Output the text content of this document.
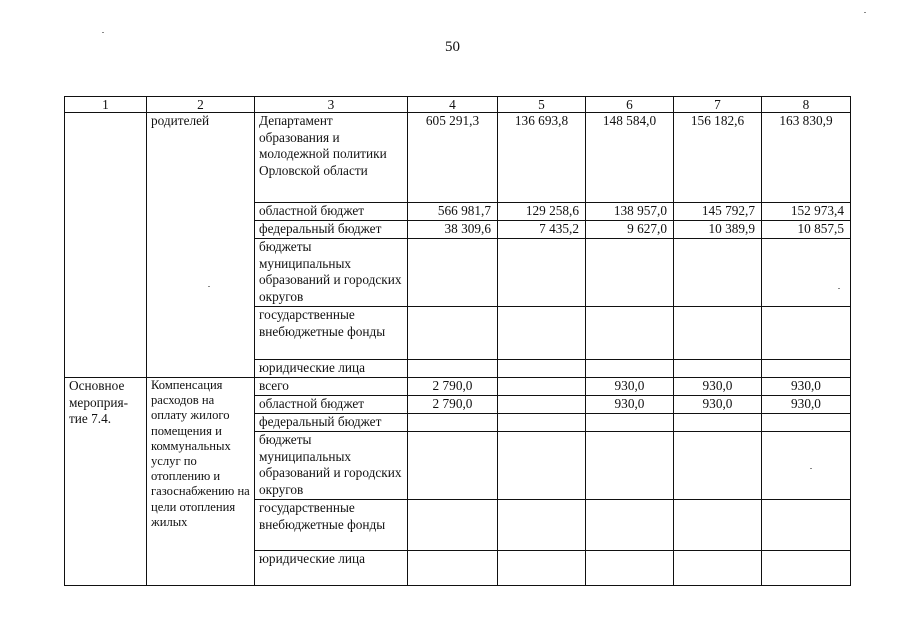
50
1	2	3	4	5	6	7	8
	родителей	Департамент образования и молодежной политики Орловской области	605 291,3	136 693,8	148 584,0	156 182,6	163 830,9
		областной бюджет	566 981,7	129 258,6	138 957,0	145 792,7	152 973,4
		федеральный бюджет	38 309,6	7 435,2	9 627,0	10 389,9	10 857,5
		бюджеты муниципальных образований и городских округов					
		государственные внебюджетные фонды					
		юридические лица					
Основное мероприя-тие 7.4.	Компенсация расходов на оплату жилого помещения и коммунальных услуг по отоплению и газоснабжению на цели отопления жилых	всего	2 790,0		930,0	930,0	930,0
		областной бюджет	2 790,0		930,0	930,0	930,0
		федеральный бюджет					
		бюджеты муниципальных образований и городских округов					
		государственные внебюджетные фонды					
		юридические лица					
